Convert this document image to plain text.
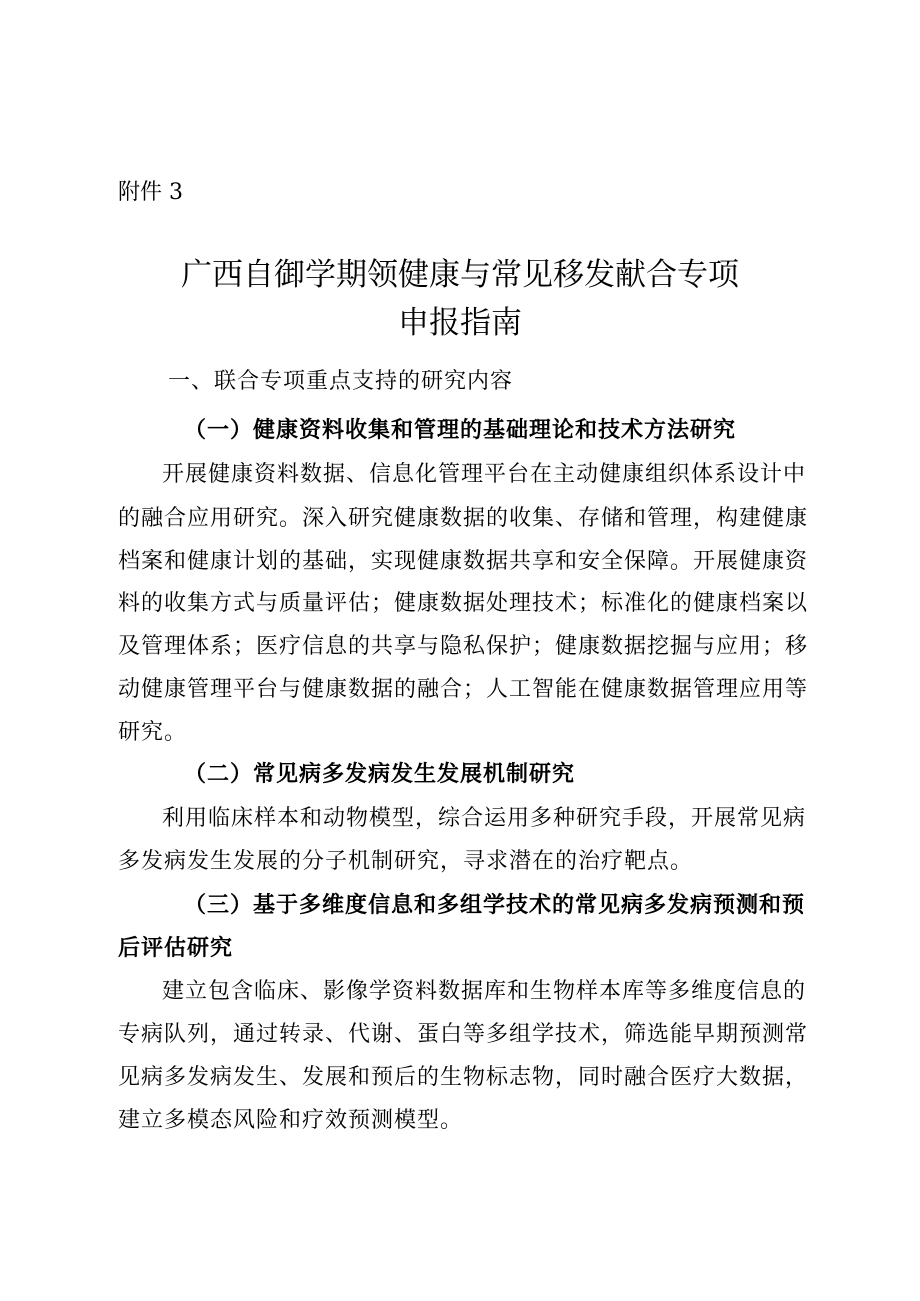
附件 3
广西自御学期领健康与常见移发献合专项
申报指南
一、联合专项重点支持的研究内容
（一）健康资料收集和管理的基础理论和技术方法研究
开展健康资料数据、信息化管理平台在主动健康组织体系设计中
的融合应用研究。深入研究健康数据的收集、存储和管理，构建健康
档案和健康计划的基础，实现健康数据共享和安全保障。开展健康资
料的收集方式与质量评估；健康数据处理技术；标准化的健康档案以
及管理体系；医疗信息的共享与隐私保护；健康数据挖掘与应用；移
动健康管理平台与健康数据的融合；人工智能在健康数据管理应用等
研究。
（二）常见病多发病发生发展机制研究
利用临床样本和动物模型，综合运用多种研究手段，开展常见病
多发病发生发展的分子机制研究，寻求潜在的治疗靶点。
（三）基于多维度信息和多组学技术的常见病多发病预测和预
后评估研究
建立包含临床、影像学资料数据库和生物样本库等多维度信息的
专病队列，通过转录、代谢、蛋白等多组学技术，筛选能早期预测常
见病多发病发生、发展和预后的生物标志物，同时融合医疗大数据，
建立多模态风险和疗效预测模型。
